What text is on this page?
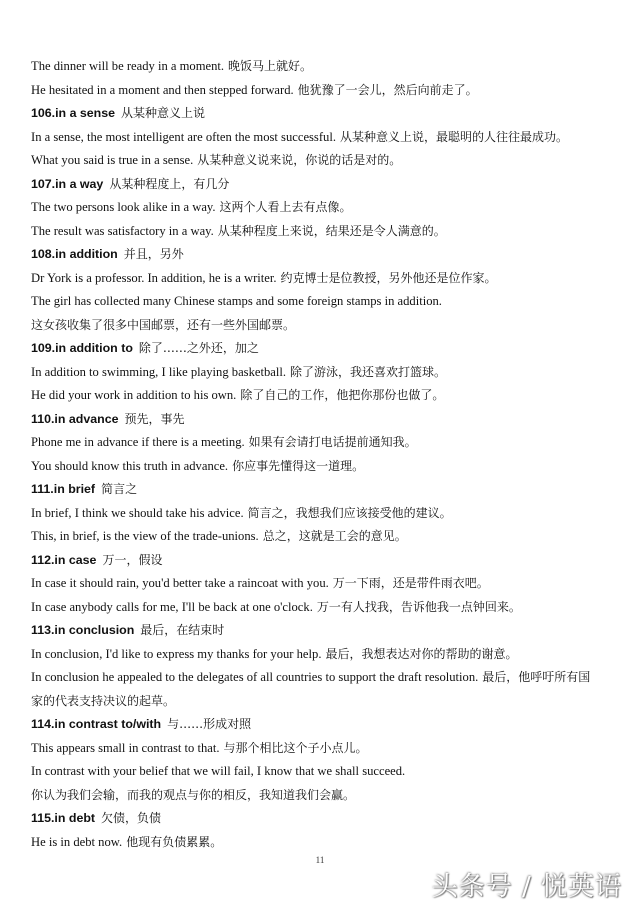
The dinner will be ready in a moment. 晚饭马上就好。
He hesitated in a moment and then stepped forward. 他犹豫了一会儿，然后向前走了。
106.in a sense 从某种意义上说
In a sense, the most intelligent are often the most successful. 从某种意义上说，最聪明的人往往最成功。
What you said is true in a sense. 从某种意义说来说，你说的话是对的。
107.in a way 从某种程度上，有几分
The two persons look alike in a way. 这两个人看上去有点像。
The result was satisfactory in a way. 从某种程度上来说，结果还是令人满意的。
108.in addition 并且，另外
Dr York is a professor. In addition, he is a writer. 约克博士是位教授，另外他还是位作家。
The girl has collected many Chinese stamps and some foreign stamps in addition.
这女孩收集了很多中国邮票，还有一些外国邮票。
109.in addition to 除了……之外还，加之
In addition to swimming, I like playing basketball. 除了游泳，我还喜欢打篮球。
He did your work in addition to his own. 除了自己的工作，他把你那份也做了。
110.in advance 预先，事先
Phone me in advance if there is a meeting. 如果有会请打电话提前通知我。
You should know this truth in advance. 你应事先懂得这一道理。
111.in brief 简言之
In brief, I think we should take his advice. 简言之，我想我们应该接受他的建议。
This, in brief, is the view of the trade-unions. 总之，这就是工会的意见。
112.in case 万一，假设
In case it should rain, you'd better take a raincoat with you. 万一下雨，还是带件雨衣吧。
In case anybody calls for me, I'll be back at one o'clock. 万一有人找我，告诉他我一点钟回来。
113.in conclusion 最后，在结束时
In conclusion, I'd like to express my thanks for your help. 最后，我想表达对你的帮助的谢意。
In conclusion he appealed to the delegates of all countries to support the draft resolution. 最后，他呼吁所有国
家的代表支持决议的起草。
114.in contrast to/with 与……形成对照
This appears small in contrast to that. 与那个相比这个子小点儿。
In contrast with your belief that we will fail, I know that we shall succeed.
你认为我们会输，而我的观点与你的相反，我知道我们会赢。
115.in debt 欠债，负债
He is in debt now. 他现有负债累累。
11
头条号 / 悦英语
